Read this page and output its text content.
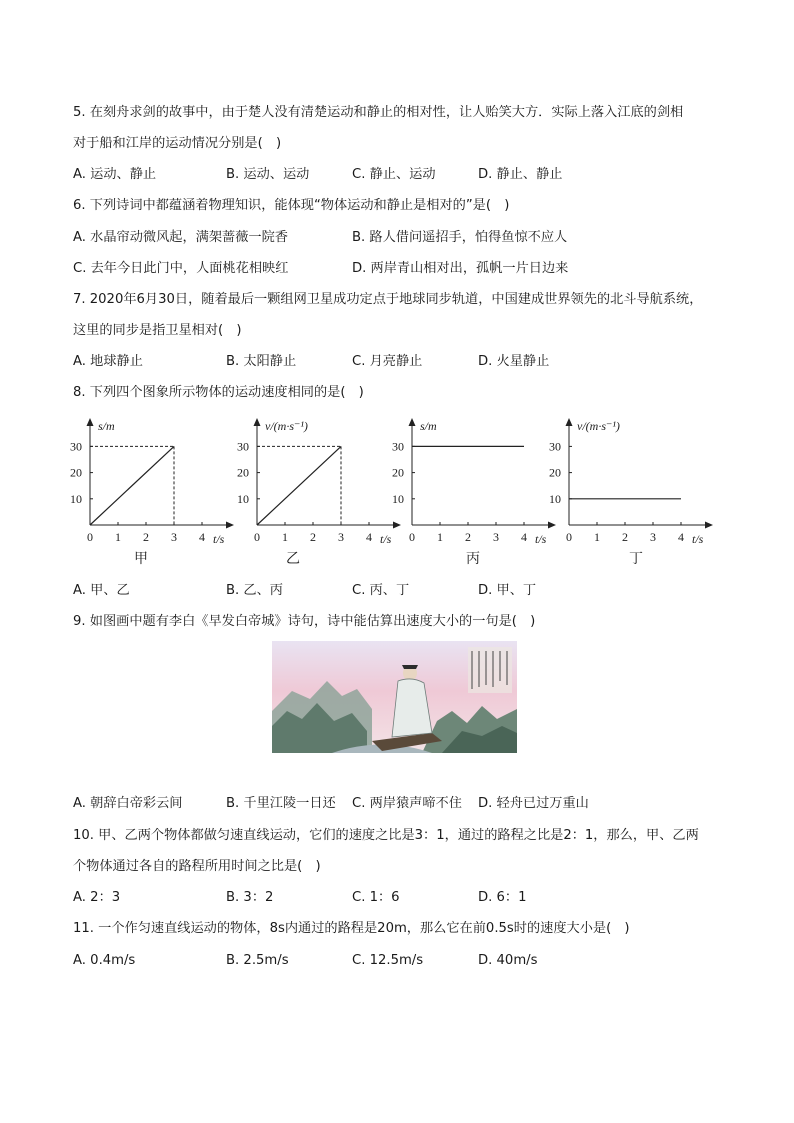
5. 在刻舟求剑的故事中，由于楚人没有清楚运动和静止的相对性，让人贻笑大方．实际上落入江底的剑相
对于船和江岸的运动情况分别是(　)
A. 运动、静止	B. 运动、运动	C. 静止、运动	D. 静止、静止
6. 下列诗词中都蕴涵着物理知识，能体现“物体运动和静止是相对的”是(　)
A. 水晶帘动微风起，满架蔷薇一院香	B. 路人借问遥招手，怕得鱼惊不应人
C. 去年今日此门中，人面桃花相映红	D. 两岸青山相对出，孤帆一片日边来
7. 2020年6月30日，随着最后一颗组网卫星成功定点于地球同步轨道，中国建成世界领先的北斗导航系统，
这里的同步是指卫星相对(　)
A. 地球静止	B. 太阳静止	C. 月亮静止	D. 火星静止
8. 下列四个图象所示物体的运动速度相同的是(　)
0 1 2 3 4
10
20
30
t/s
s/m
0 1 2 3 4
10
20
30
t/s
v/(m·s⁻¹)
0 1 2 3 4
10
20
30
t/s
s/m
0 1 2 3 4
10
20
30
t/s
v/(m·s⁻¹)
甲	乙	丙	丁
A. 甲、乙	B. 乙、丙	C. 丙、丁	D. 甲、丁
9. 如图画中题有李白《早发白帝城》诗句，诗中能估算出速度大小的一句是(　)
A. 朝辞白帝彩云间	B. 千里江陵一日还 C. 两岸猿声啼不住 D. 轻舟已过万重山
10. 甲、乙两个物体都做匀速直线运动，它们的速度之比是3：1，通过的路程之比是2：1，那么，甲、乙两
个物体通过各自的路程所用时间之比是(　)
A. 2：3	B. 3：2	C. 1：6	D. 6：1
11. 一个作匀速直线运动的物体，8s内通过的路程是20m，那么它在前0.5s时的速度大小是(　)
A. 0.4m/s	B. 2.5m/s	C. 12.5m/s	D. 40m/s
